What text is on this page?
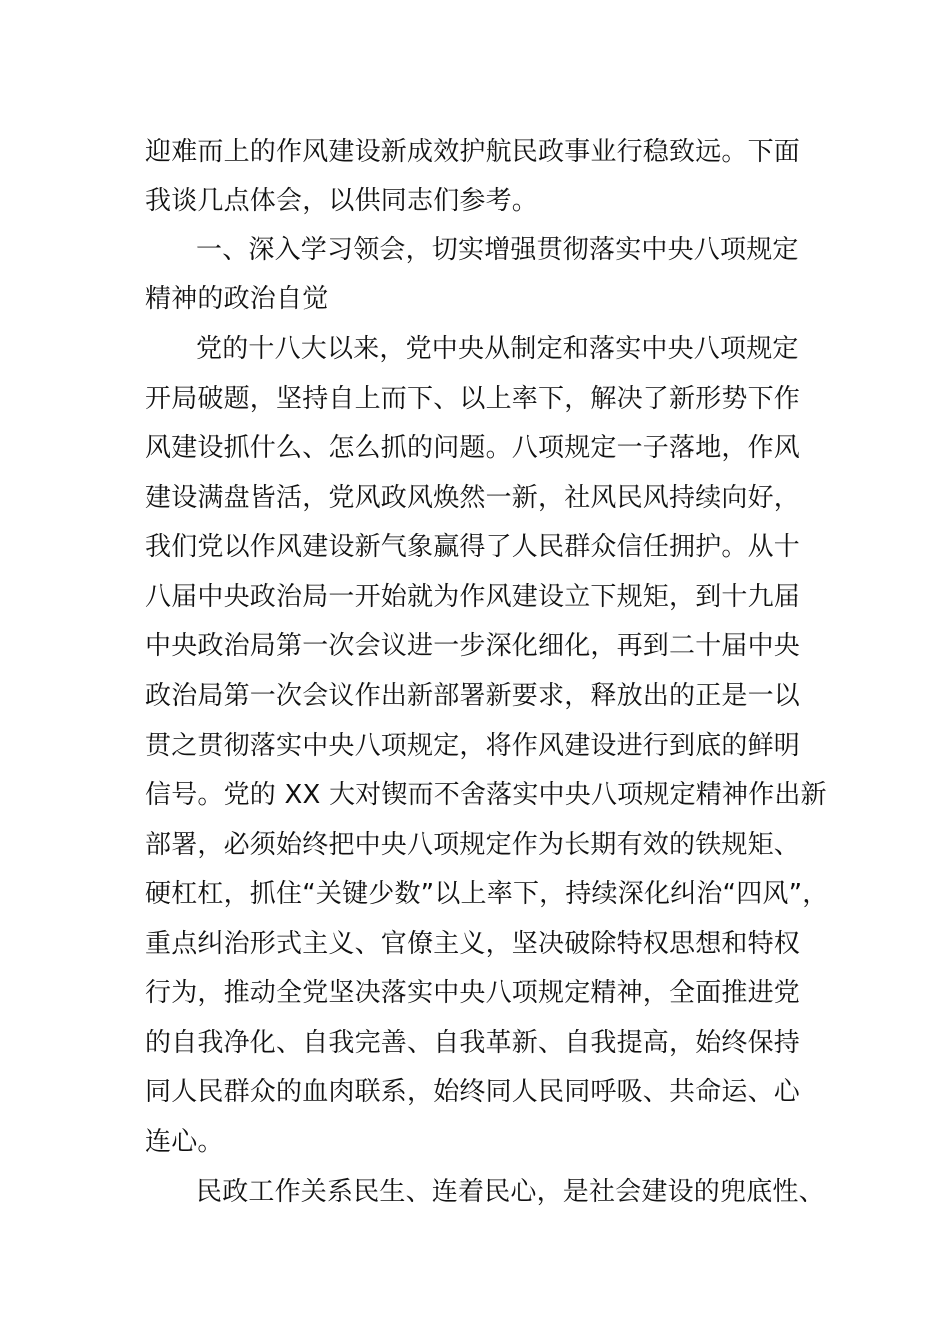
迎难而上的作风建设新成效护航民政事业行稳致远。下面
我谈几点体会，以供同志们参考。
一、深入学习领会，切实增强贯彻落实中央八项规定
精神的政治自觉
党的十八大以来，党中央从制定和落实中央八项规定
开局破题，坚持自上而下、以上率下，解决了新形势下作
风建设抓什么、怎么抓的问题。八项规定一子落地，作风
建设满盘皆活，党风政风焕然一新，社风民风持续向好，
我们党以作风建设新气象赢得了人民群众信任拥护。从十
八届中央政治局一开始就为作风建设立下规矩，到十九届
中央政治局第一次会议进一步深化细化，再到二十届中央
政治局第一次会议作出新部署新要求，释放出的正是一以
贯之贯彻落实中央八项规定，将作风建设进行到底的鲜明
信号。党的 XX 大对锲而不舍落实中央八项规定精神作出新
部署，必须始终把中央八项规定作为长期有效的铁规矩、
硬杠杠，抓住“关键少数”以上率下，持续深化纠治“四风”，
重点纠治形式主义、官僚主义，坚决破除特权思想和特权
行为，推动全党坚决落实中央八项规定精神，全面推进党
的自我净化、自我完善、自我革新、自我提高，始终保持
同人民群众的血肉联系，始终同人民同呼吸、共命运、心
连心。
民政工作关系民生、连着民心，是社会建设的兜底性、
